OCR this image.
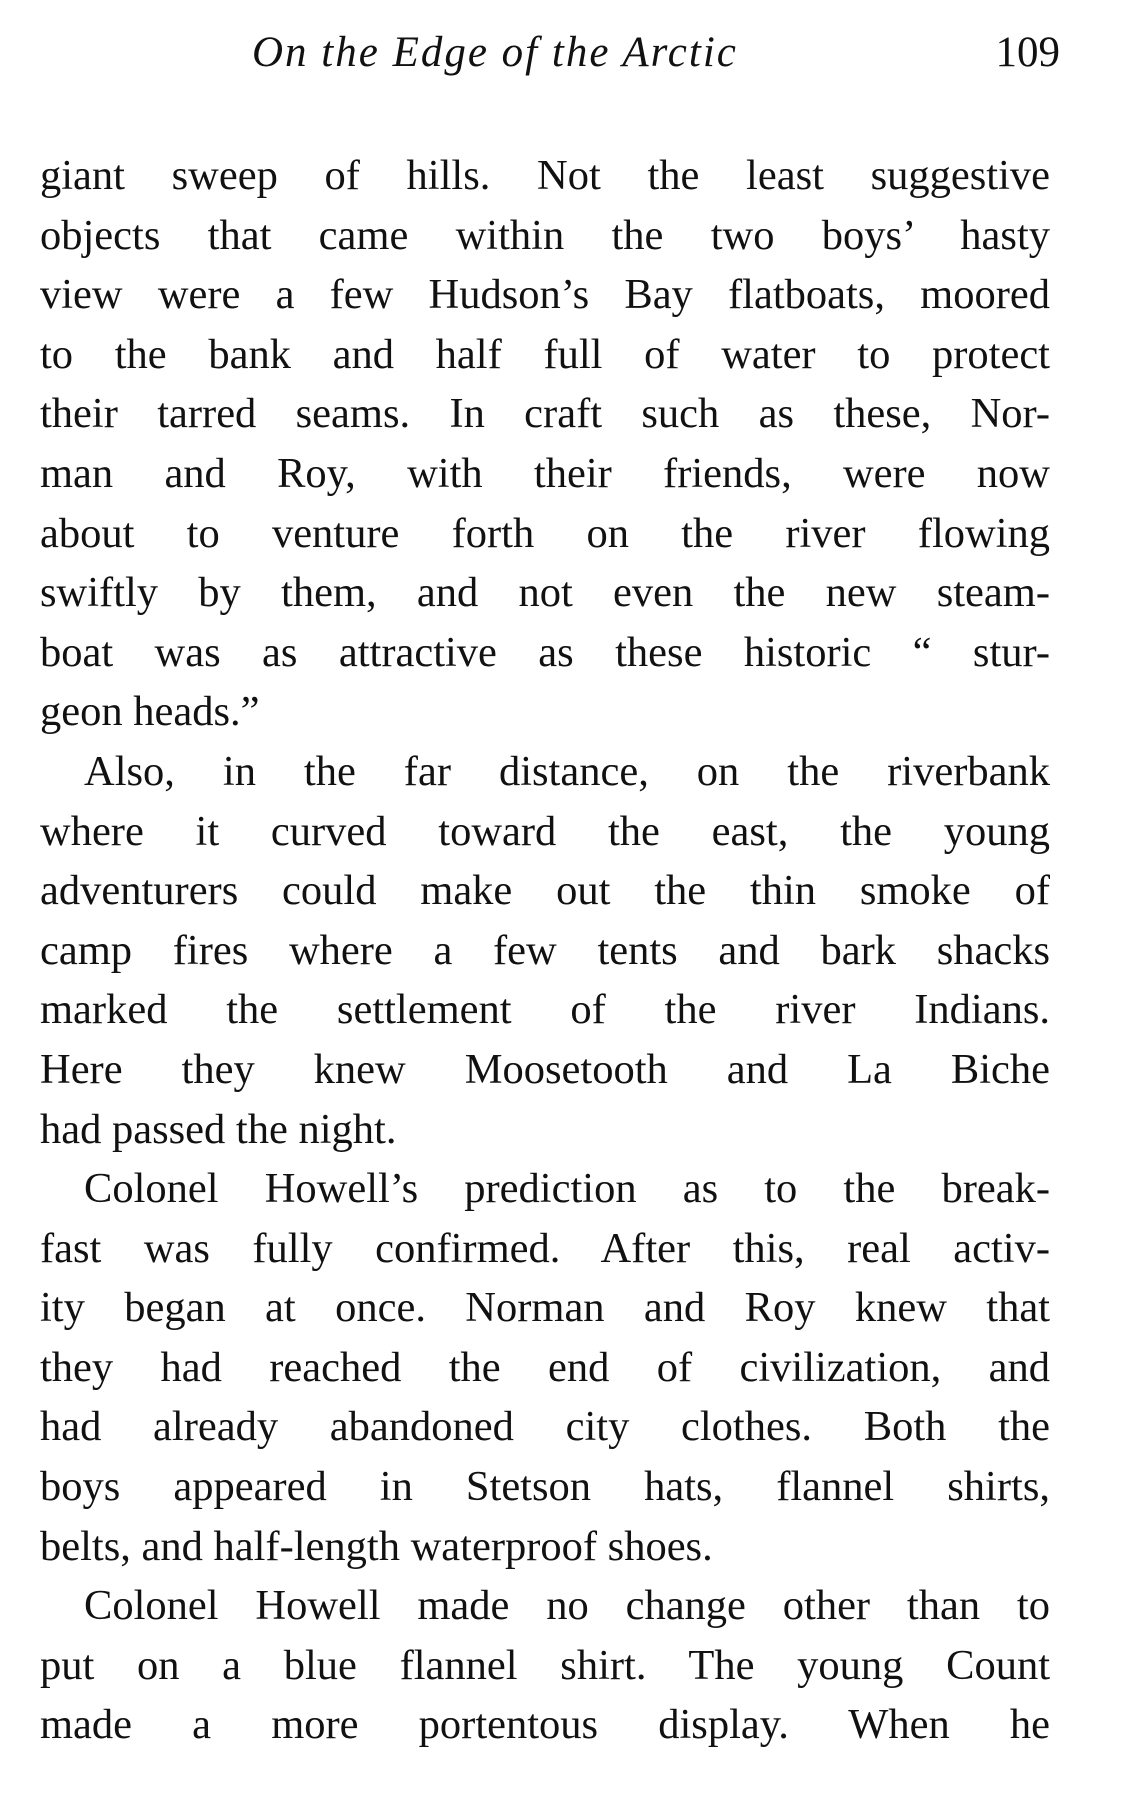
On the Edge of the Arctic	109
giant sweep of hills. Not the least suggestive
objects that came within the two boys’ hasty
view were a few Hudson’s Bay flatboats, moored
to the bank and half full of water to protect
their tarred seams. In craft such as these, Nor-
man and Roy, with their friends, were now
about to venture forth on the river flowing
swiftly by them, and not even the new steam-
boat was as attractive as these historic “ stur-
geon heads.”
Also, in the far distance, on the riverbank
where it curved toward the east, the young
adventurers could make out the thin smoke of
camp fires where a few tents and bark shacks
marked the settlement of the river Indians.
Here they knew Moosetooth and La Biche
had passed the night.
Colonel Howell’s prediction as to the break-
fast was fully confirmed. After this, real activ-
ity began at once. Norman and Roy knew that
they had reached the end of civilization, and
had already abandoned city clothes. Both the
boys appeared in Stetson hats, flannel shirts,
belts, and half-length waterproof shoes.
Colonel Howell made no change other than to
put on a blue flannel shirt. The young Count
made a more portentous display. When he
